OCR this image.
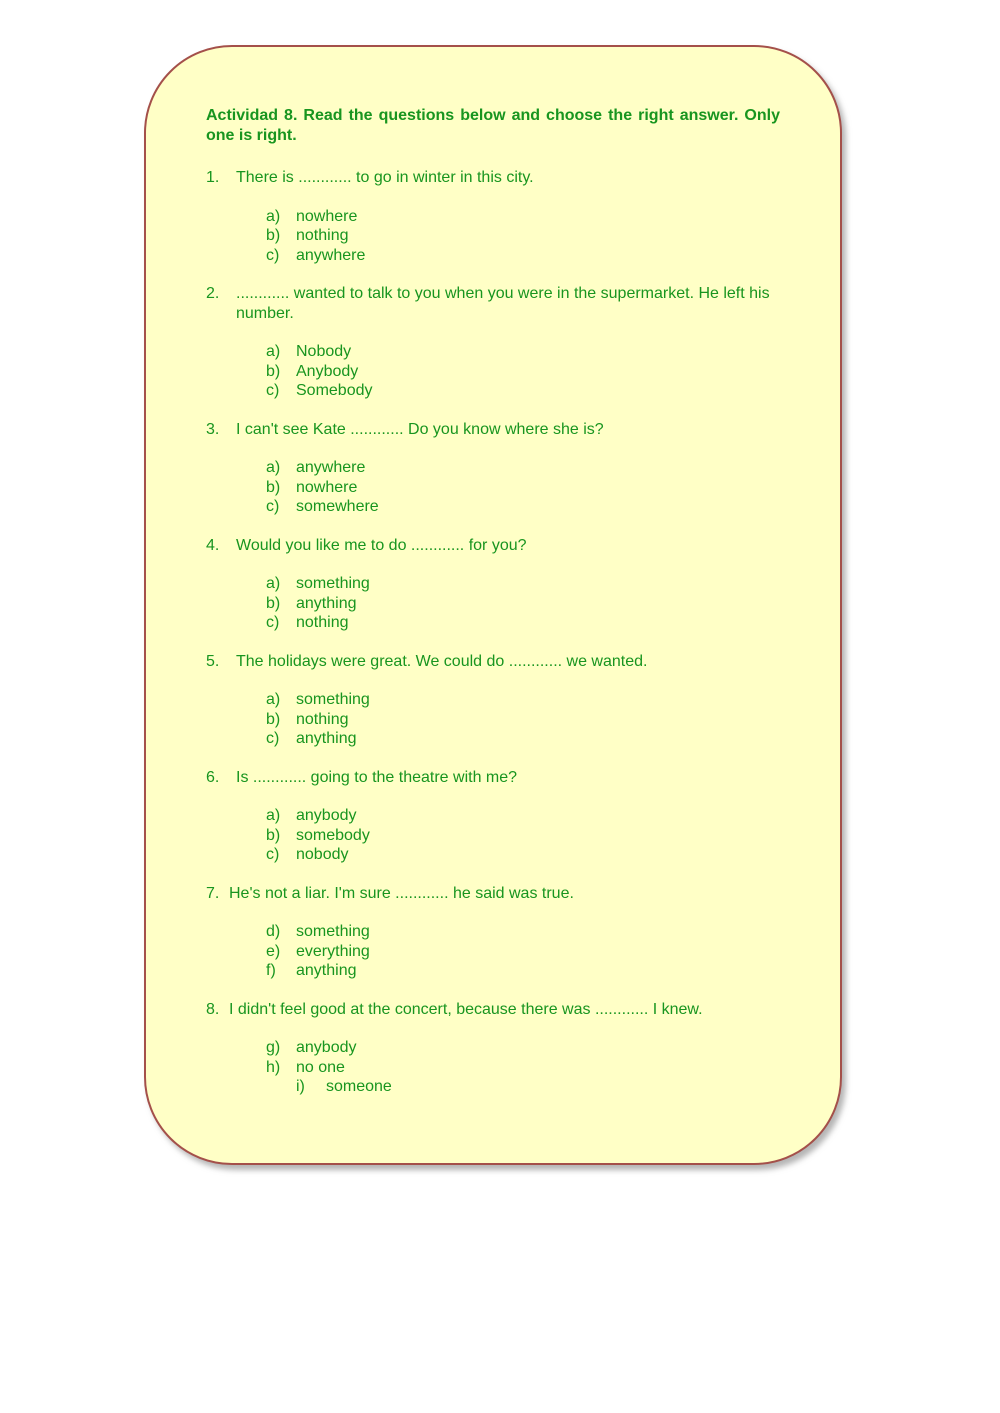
Actividad 8. Read the questions below and choose the right answer. Only one is right.

1.	There is ............ to go in winter in this city.
a) nowhere
b) nothing
c)	anywhere
2.	............ wanted to talk to you when you were in the supermarket. He left his number.
a) Nobody
b) Anybody
c)	Somebody
3.	I can't see Kate ............ Do you know where she is?
a) anywhere
b) nowhere
c)	somewhere
4.	Would you like me to do ............ for you?
a) something
b) anything
c)	nothing
5.	The holidays were great. We could do ............ we wanted.
a) something
b) nothing
c)	anything
6.	Is ............ going to the theatre with me?
a) anybody
b) somebody
c)	nobody
7. He's not a liar. I'm sure ............ he said was true.
d) something
e) everything
f)	anything
8. I didn't feel good at the concert, because there was ............ I knew.
g) anybody
h) no one
i)	someone
